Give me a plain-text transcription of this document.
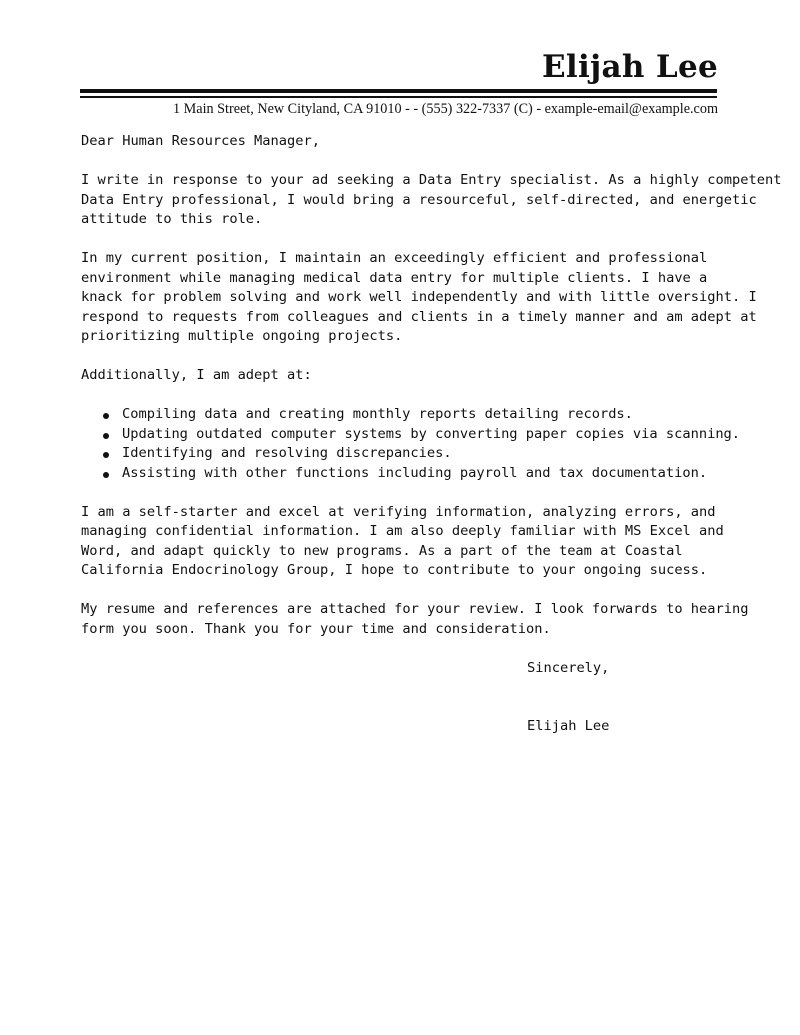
Elijah Lee
1 Main Street, New Cityland, CA 91010 - - (555) 322-7337 (C) - example-email@example.com

Dear Human Resources Manager,

I write in response to your ad seeking a Data Entry specialist. As a highly competent
Data Entry professional, I would bring a resourceful, self-directed, and energetic
attitude to this role.

In my current position, I maintain an exceedingly efficient and professional
environment while managing medical data entry for multiple clients. I have a
knack for problem solving and work well independently and with little oversight. I
respond to requests from colleagues and clients in a timely manner and am adept at
prioritizing multiple ongoing projects.

Additionally, I am adept at:

Compiling data and creating monthly reports detailing records.
Updating outdated computer systems by converting paper copies via scanning.
Identifying and resolving discrepancies.
Assisting with other functions including payroll and tax documentation.

I am a self-starter and excel at verifying information, analyzing errors, and
managing confidential information. I am also deeply familiar with MS Excel and
Word, and adapt quickly to new programs. As a part of the team at Coastal
California Endocrinology Group, I hope to contribute to your ongoing sucess.

My resume and references are attached for your review. I look forwards to hearing
form you soon. Thank you for your time and consideration.

Sincerely,

Elijah Lee
